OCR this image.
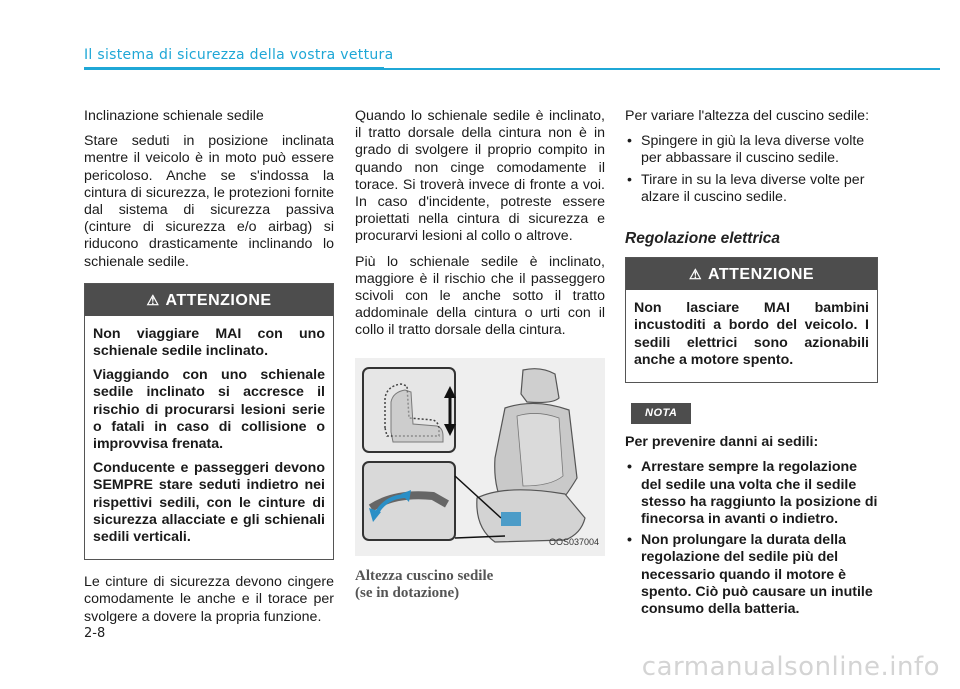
Il sistema di sicurezza della vostra vettura

Inclinazione schienale sedile

Stare seduti in posizione inclinata mentre il veicolo è in moto può essere pericoloso. Anche se s'indossa la cintura di sicurezza, le protezioni fornite dal sistema di sicurezza passiva (cinture di sicurezza e/o airbag) si riducono drasticamente inclinando lo schienale sedile.

⚠ ATTENZIONE

Non viaggiare MAI con uno schienale sedile inclinato.

Viaggiando con uno schienale sedile inclinato si accresce il rischio di procurarsi lesioni serie o fatali in caso di collisione o improvvisa frenata.

Conducente e passeggeri devono SEMPRE stare seduti indietro nei rispettivi sedili, con le cinture di sicurezza allacciate e gli schienali sedili verticali.

Le cinture di sicurezza devono cingere comodamente le anche e il torace per svolgere a dovere la propria funzione.

Quando lo schienale sedile è inclinato, il tratto dorsale della cintura non è in grado di svolgere il proprio compito in quando non cinge comodamente il torace. Si troverà invece di fronte a voi. In caso d'incidente, potreste essere proiettati nella cintura di sicurezza e procurarvi lesioni al collo o altrove.

Più lo schienale sedile è inclinato, maggiore è il rischio che il passeggero scivoli con le anche sotto il tratto addominale della cintura o urti con il collo il tratto dorsale della cintura.

OOS037004
Altezza cuscino sedile
(se in dotazione)

Per variare l'altezza del cuscino sedile:

• Spingere in giù la leva diverse volte per abbassare il cuscino sedile.
• Tirare in su la leva diverse volte per alzare il cuscino sedile.
Regolazione elettrica
⚠ ATTENZIONE

Non lasciare MAI bambini incustoditi a bordo del veicolo. I sedili elettrici sono azionabili anche a motore spento.

NOTA

Per prevenire danni ai sedili:

• Arrestare sempre la regolazione del sedile una volta che il sedile stesso ha raggiunto la posizione di finecorsa in avanti o indietro.
• Non prolungare la durata della regolazione del sedile più del necessario quando il motore è spento. Ciò può causare un inutile consumo della batteria.
2-8
carmanualsonline.info
